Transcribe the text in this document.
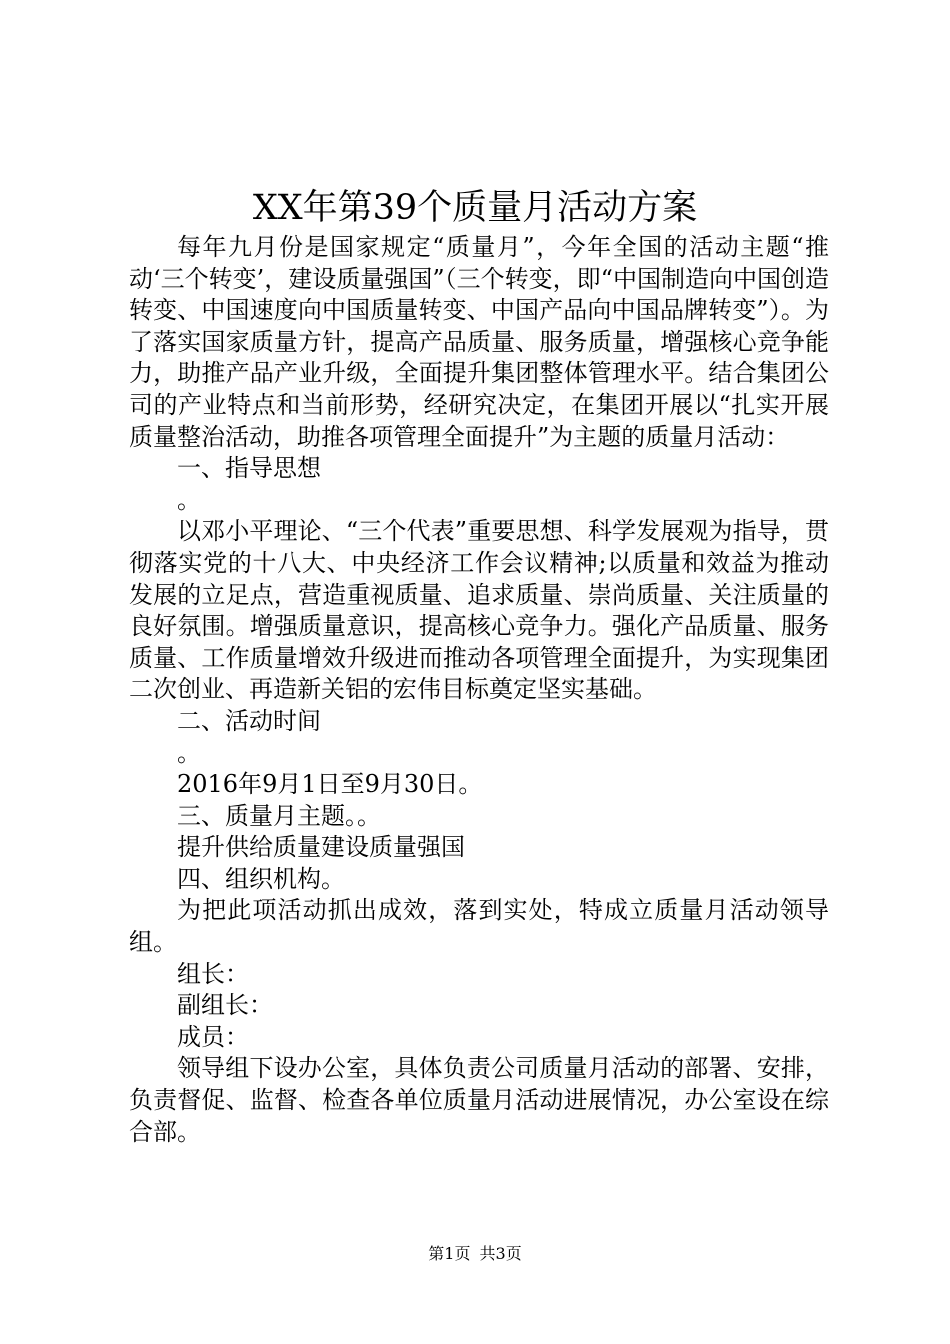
XX年第39个质量月活动方案

每年九月份是国家规定“质量月”，今年全国的活动主题“推动‘三个转变’，建设质量强国”（三个转变，即“中国制造向中国创造转变、中国速度向中国质量转变、中国产品向中国品牌转变”）。为了落实国家质量方针，提高产品质量、服务质量，增强核心竞争能力，助推产品产业升级，全面提升集团整体管理水平。结合集团公司的产业特点和当前形势，经研究决定，在集团开展以“扎实开展质量整治活动，助推各项管理全面提升”为主题的质量月活动：

一、指导思想

。

以邓小平理论、“三个代表”重要思想、科学发展观为指导，贯彻落实党的十八大、中央经济工作会议精神;以质量和效益为推动发展的立足点，营造重视质量、追求质量、崇尚质量、关注质量的良好氛围。增强质量意识，提高核心竞争力。强化产品质量、服务质量、工作质量增效升级进而推动各项管理全面提升，为实现集团二次创业、再造新关铝的宏伟目标奠定坚实基础。

二、活动时间

。

2016年9月1日至9月30日。

三、质量月主题。。

提升供给质量建设质量强国

四、组织机构。

为把此项活动抓出成效，落到实处，特成立质量月活动领导组。

组长：

副组长：

成员：

领导组下设办公室，具体负责公司质量月活动的部署、安排，负责督促、监督、检查各单位质量月活动进展情况，办公室设在综合部。

第1页 共3页
